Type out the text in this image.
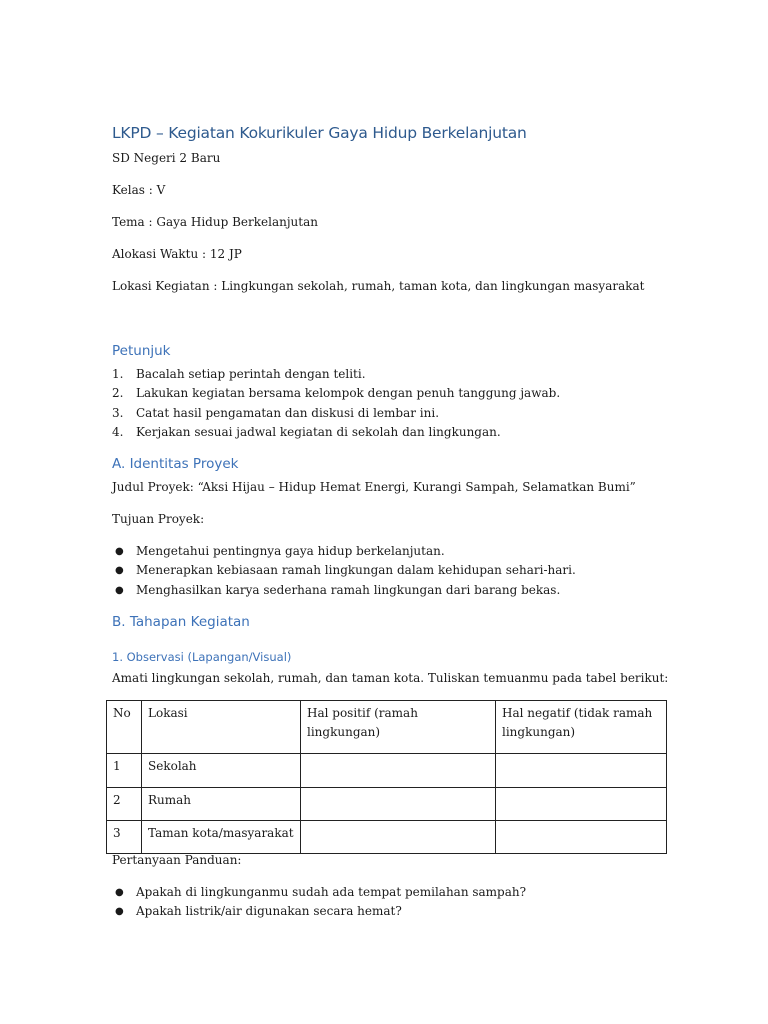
LKPD – Kegiatan Kokurikuler Gaya Hidup Berkelanjutan
SD Negeri 2 Baru
Kelas : V
Tema : Gaya Hidup Berkelanjutan
Alokasi Waktu : 12 JP
Lokasi Kegiatan : Lingkungan sekolah, rumah, taman kota, dan lingkungan masyarakat
Petunjuk
1. Bacalah setiap perintah dengan teliti.
2. Lakukan kegiatan bersama kelompok dengan penuh tanggung jawab.
3. Catat hasil pengamatan dan diskusi di lembar ini.
4. Kerjakan sesuai jadwal kegiatan di sekolah dan lingkungan.
A. Identitas Proyek
Judul Proyek: “Aksi Hijau – Hidup Hemat Energi, Kurangi Sampah, Selamatkan Bumi”
Tujuan Proyek:
● Mengetahui pentingnya gaya hidup berkelanjutan.
● Menerapkan kebiasaan ramah lingkungan dalam kehidupan sehari-hari.
● Menghasilkan karya sederhana ramah lingkungan dari barang bekas.
B. Tahapan Kegiatan
1. Observasi (Lapangan/Visual)
Amati lingkungan sekolah, rumah, dan taman kota. Tuliskan temuanmu pada tabel berikut:
No	Lokasi	Hal positif (ramah lingkungan)	Hal negatif (tidak ramah lingkungan)
1	Sekolah		
2	Rumah		
3	Taman kota/masyarakat		
Pertanyaan Panduan:
● Apakah di lingkunganmu sudah ada tempat pemilahan sampah?
● Apakah listrik/air digunakan secara hemat?
